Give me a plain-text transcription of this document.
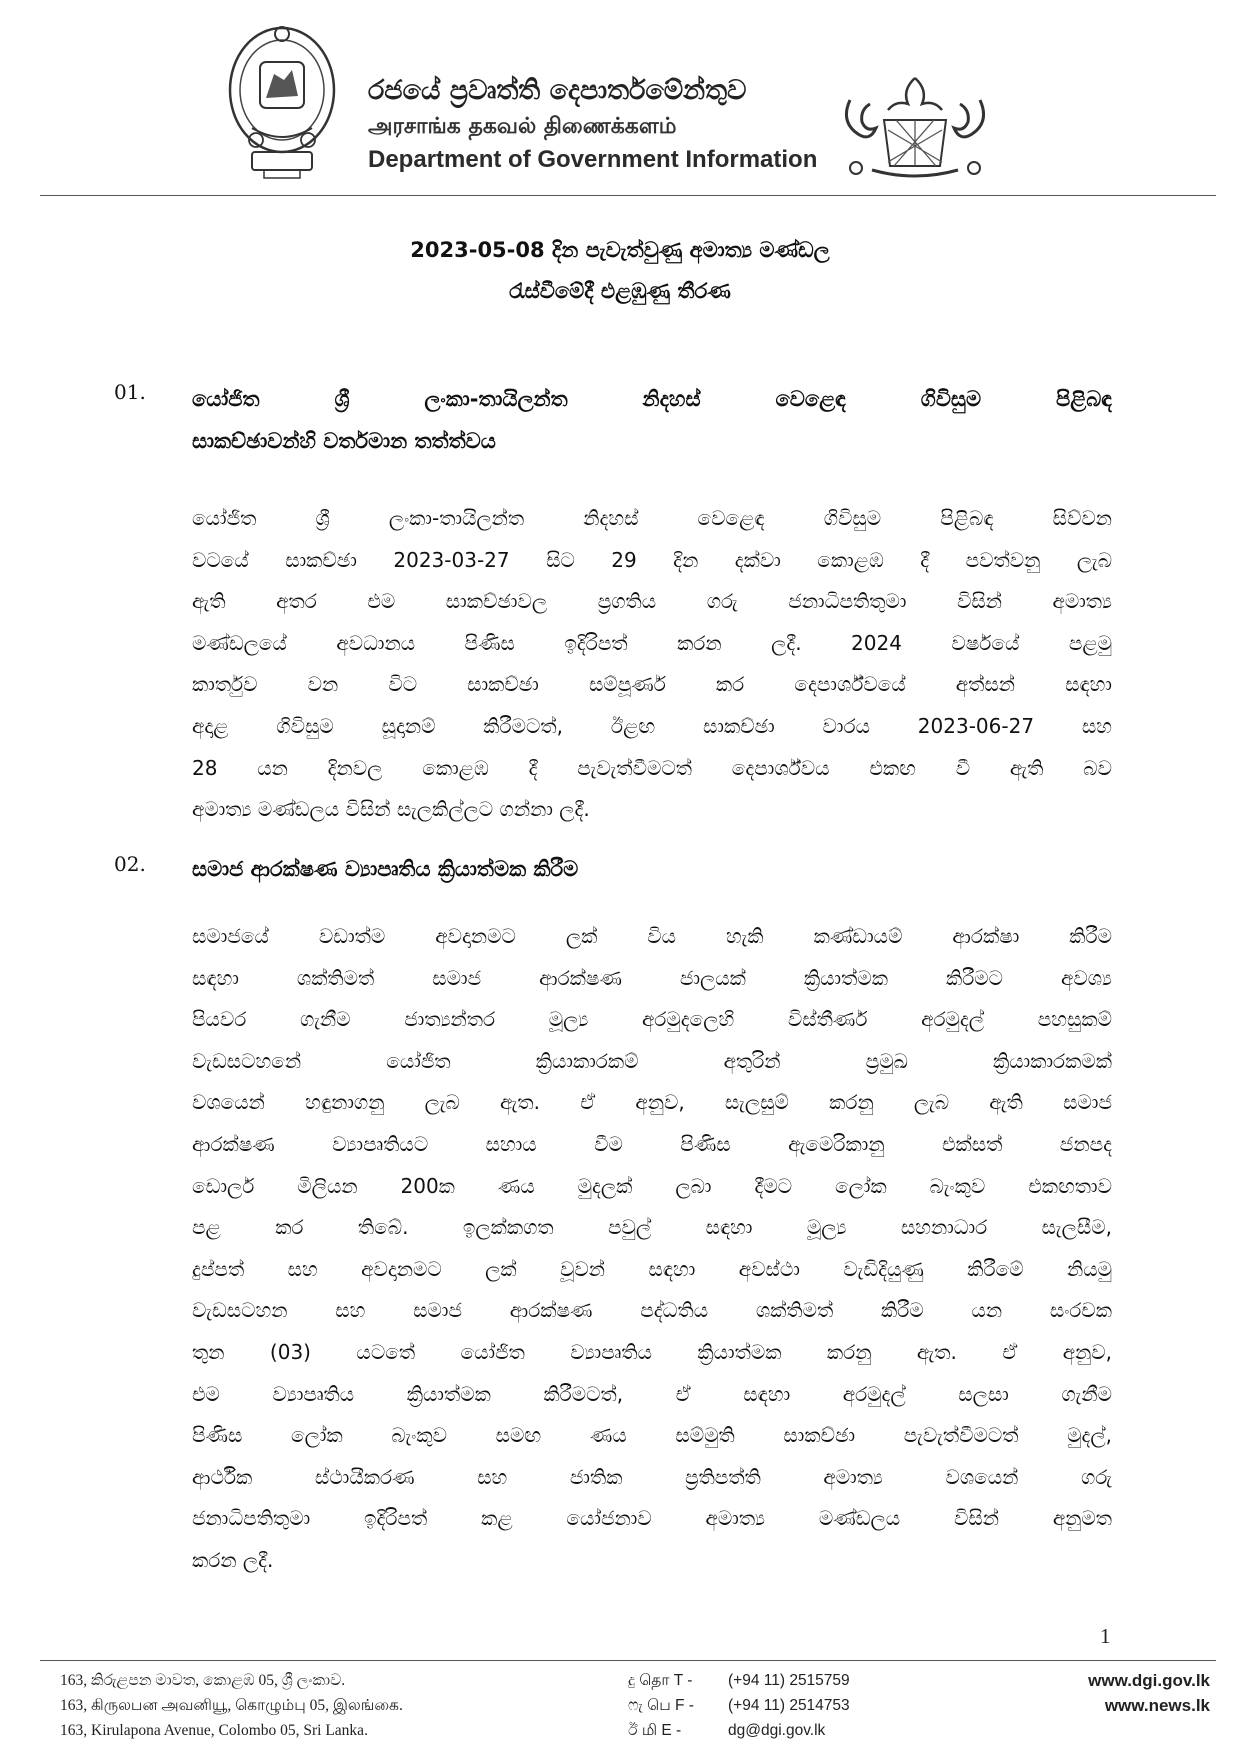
රජයේ ප්‍රවෘත්ති දෙපාර්තමේන්තුව
அரசாங்க தகவல் திணைக்களம்
Department of Government Information
2023-05-08 දින පැවැත්වුණු අමාත්‍ය මණ්ඩල
රැස්වීමේදී එළඹුණු තීරණ
01. යෝජිත ශ්‍රී ලංකා-තායිලන්ත නිදහස් වෙළෙඳ ගිවිසුම පිළිබඳ
සාකච්ඡාවන්හි වර්තමාන තත්ත්වය
යෝජිත ශ්‍රී ලංකා-තායිලන්ත නිදහස් වෙළෙඳ ගිවිසුම පිළිබඳ සිව්වන
වටයේ සාකච්ඡා 2023-03-27 සිට 29 දින දක්වා කොළඹ දී පවත්වනු ලැබ
ඇති අතර එම සාකච්ඡාවල ප්‍රගතිය ගරු ජනාධිපතිතුමා විසින් අමාත්‍ය
මණ්ඩලයේ අවධානය පිණිස ඉදිරිපත් කරන ලදී. 2024 වර්ෂයේ පළමු
කාර්තුව වන විට සාකච්ඡා සම්පූර්ණ කර දෙපාර්ශ්වයේ අත්සන් සඳහා
අදාළ ගිවිසුම සූදානම් කිරීමටත්, ඊළඟ සාකච්ඡා වාරය 2023-06-27 සහ
28 යන දිනවල කොළඹ දී පැවැත්වීමටත් දෙපාර්ශ්වය එකඟ වී ඇති බව
අමාත්‍ය මණ්ඩලය විසින් සැලකිල්ලට ගන්නා ලදී.
02. සමාජ ආරක්ෂණ ව්‍යාපෘතිය ක්‍රියාත්මක කිරීම
සමාජයේ වඩාත්ම අවදානමට ලක් විය හැකි කණ්ඩායම් ආරක්ෂා කිරීම
සඳහා ශක්තිමත් සමාජ ආරක්ෂණ ජාලයක් ක්‍රියාත්මක කිරීමට අවශ්‍ය
පියවර ගැනීම ජාත්‍යන්තර මූල්‍ය අරමුදලෙහි විස්තීර්ණ අරමුදල් පහසුකම්
වැඩසටහනේ යෝජිත ක්‍රියාකාරකම් අතුරින් ප්‍රමුඛ ක්‍රියාකාරකමක්
වශයෙන් හඳුනාගනු ලැබ ඇත. ඒ අනුව, සැලසුම් කරනු ලැබ ඇති සමාජ
ආරක්ෂණ ව්‍යාපෘතියට සහාය වීම පිණිස ඇමෙරිකානු එක්සත් ජනපද
ඩොලර් මිලියන 200ක ණය මුදලක් ලබා දීමට ලෝක බැංකුව එකඟතාව
පළ කර තිබේ. ඉලක්කගත පවුල් සඳහා මූල්‍ය සහනාධාර සැලසීම,
දුප්පත් සහ අවදානමට ලක් වූවන් සඳහා අවස්ථා වැඩිදියුණු කිරීමේ නියමු
වැඩසටහන සහ සමාජ ආරක්ෂණ පද්ධතිය ශක්තිමත් කිරීම යන සංරචක
තුන (03) යටතේ යෝජිත ව්‍යාපෘතිය ක්‍රියාත්මක කරනු ඇත. ඒ අනුව,
එම ව්‍යාපෘතිය ක්‍රියාත්මක කිරීමටත්, ඒ සඳහා අරමුදල් සලසා ගැනීම
පිණිස ලෝක බැංකුව සමඟ ණය සම්මුති සාකච්ඡා පැවැත්වීමටත් මුදල්,
ආර්ථික ස්ථායීකරණ සහ ජාතික ප්‍රතිපත්ති අමාත්‍ය වශයෙන් ගරු
ජනාධිපතිතුමා ඉදිරිපත් කළ යෝජනාව අමාත්‍ය මණ්ඩලය විසින් අනුමත
කරන ලදී.
1
163, කිරුළපන මාවත, කොළඹ 05, ශ්‍රී ලංකාව.
163, கிருலபன அவனியூ, கொழும்பு 05, இலங்கை.
163, Kirulapona Avenue, Colombo 05, Sri Lanka.
දු தொ T -	(+94 11) 2515759
ෆැ பெ F -	(+94 11) 2514753
ඊ மி E -	dg@dgi.gov.lk
www.dgi.gov.lk
www.news.lk
